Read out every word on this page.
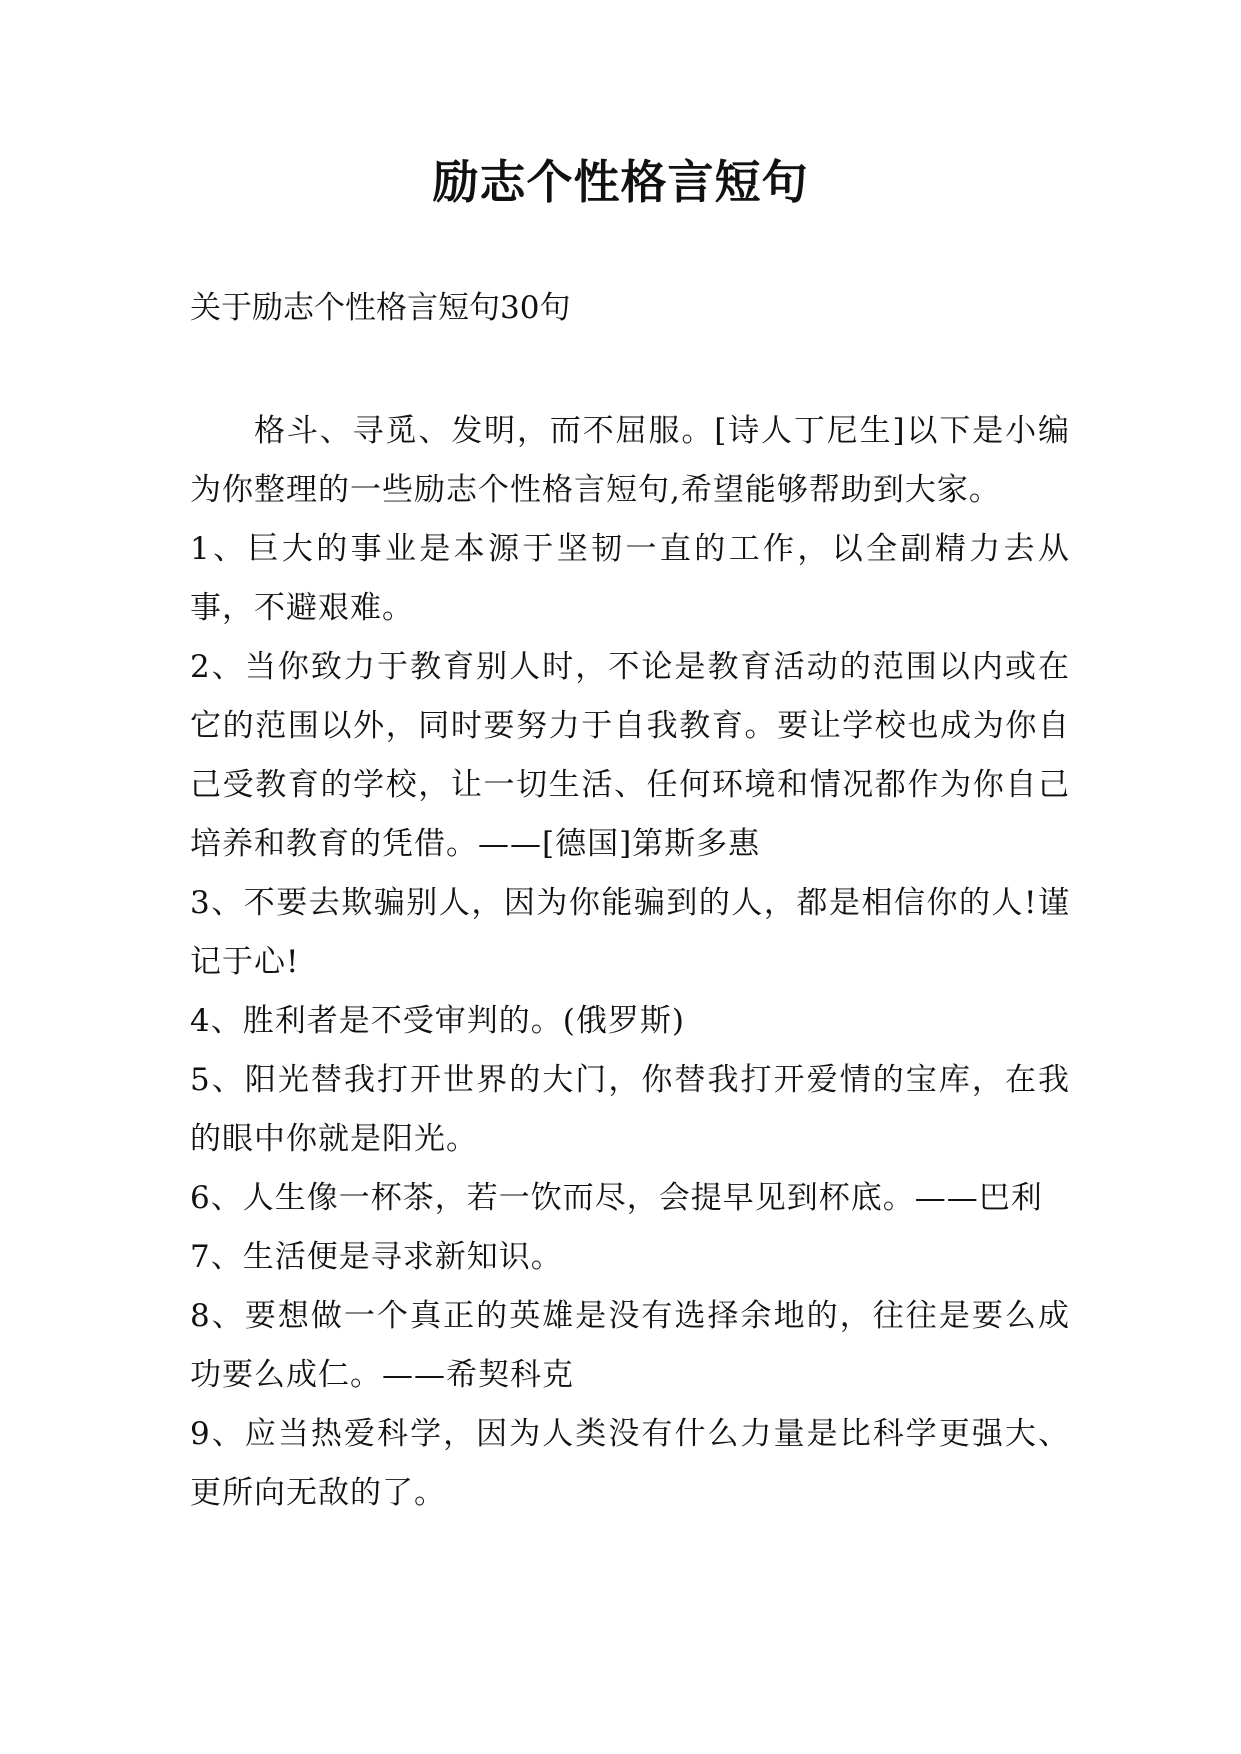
励志个性格言短句
关于励志个性格言短句30句

格斗、寻觅、发明，而不屈服。[诗人丁尼生]以下是小编为你整理的一些励志个性格言短句,希望能够帮助到大家。

1、巨大的事业是本源于坚韧一直的工作，以全副精力去从事，不避艰难。

2、当你致力于教育别人时，不论是教育活动的范围以内或在它的范围以外，同时要努力于自我教育。要让学校也成为你自己受教育的学校，让一切生活、任何环境和情况都作为你自己培养和教育的凭借。——[德国]第斯多惠

3、不要去欺骗别人，因为你能骗到的人，都是相信你的人!谨记于心!

4、胜利者是不受审判的。(俄罗斯)

5、阳光替我打开世界的大门，你替我打开爱情的宝库，在我的眼中你就是阳光。

6、人生像一杯茶，若一饮而尽，会提早见到杯底。——巴利

7、生活便是寻求新知识。

8、要想做一个真正的英雄是没有选择余地的，往往是要么成功要么成仁。——希契科克

9、应当热爱科学，因为人类没有什么力量是比科学更强大、更所向无敌的了。
